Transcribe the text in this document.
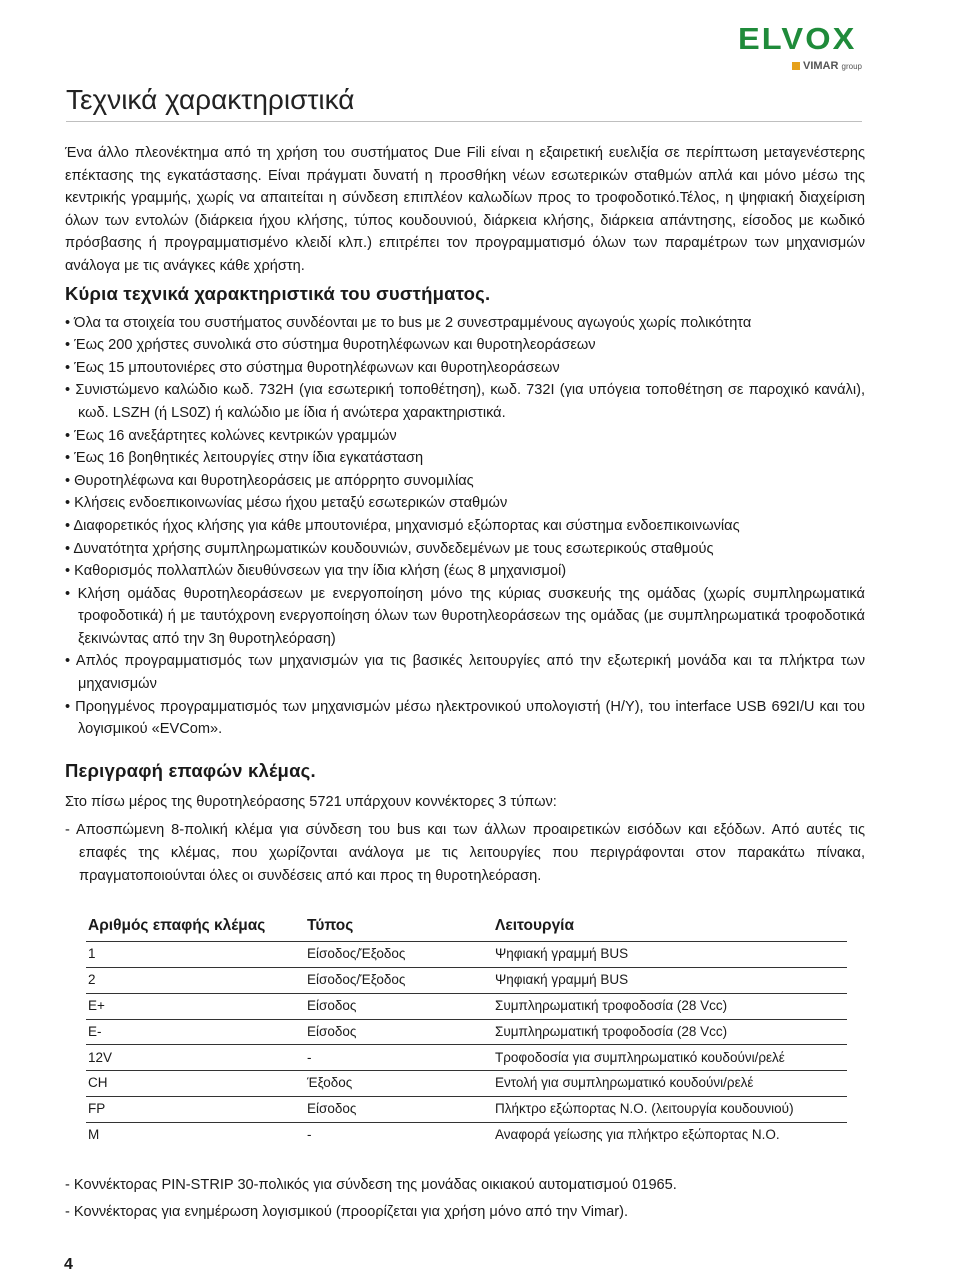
ELVOX
VIMAR group
Τεχνικά χαρακτηριστικά

Ένα άλλο πλεονέκτημα από τη χρήση του συστήματος Due Fili είναι η εξαιρετική ευελιξία σε περίπτωση μεταγενέστερης επέκτασης της εγκατάστασης. Είναι πράγματι δυνατή η προσθήκη νέων εσωτερικών σταθμών απλά και μόνο μέσω της κεντρικής γραμμής, χωρίς να απαιτείται η σύνδεση επιπλέον καλωδίων προς το τροφοδοτικό.Τέλος, η ψηφιακή διαχείριση όλων των εντολών (διάρκεια ήχου κλήσης, τύπος κουδουνιού, διάρκεια κλήσης, διάρκεια απάντησης, είσοδος με κωδικό πρόσβασης ή προγραμματισμένο κλειδί κλπ.) επιτρέπει τον προγραμματισμό όλων των παραμέτρων των μηχανισμών ανάλογα με τις ανάγκες κάθε χρήστη.

Κύρια τεχνικά χαρακτηριστικά του συστήματος.
• Όλα τα στοιχεία του συστήματος συνδέονται με το bus με 2 συνεστραμμένους αγωγούς χωρίς πολικότητα
• Έως 200 χρήστες συνολικά στο σύστημα θυροτηλέφωνων και θυροτηλεοράσεων
• Έως 15 μπουτονιέρες στο σύστημα θυροτηλέφωνων και θυροτηλεοράσεων
• Συνιστώμενο καλώδιο κωδ. 732Η (για εσωτερική τοποθέτηση), κωδ. 732I (για υπόγεια τοποθέτηση σε παροχικό κανάλι), κωδ. LSZH (ή LS0Z) ή καλώδιο με ίδια ή ανώτερα χαρακτηριστικά.
• Έως 16 ανεξάρτητες κολώνες κεντρικών γραμμών
• Έως 16 βοηθητικές λειτουργίες στην ίδια εγκατάσταση
• Θυροτηλέφωνα και θυροτηλεοράσεις με απόρρητο συνομιλίας
• Κλήσεις ενδοεπικοινωνίας μέσω ήχου μεταξύ εσωτερικών σταθμών
• Διαφορετικός ήχος κλήσης για κάθε μπουτονιέρα, μηχανισμό εξώπορτας και σύστημα ενδοεπικοινωνίας
• Δυνατότητα χρήσης συμπληρωματικών κουδουνιών, συνδεδεμένων με τους εσωτερικούς σταθμούς
• Καθορισμός πολλαπλών διευθύνσεων για την ίδια κλήση (έως 8 μηχανισμοί)
• Κλήση ομάδας θυροτηλεοράσεων με ενεργοποίηση μόνο της κύριας συσκευής της ομάδας (χωρίς συμπληρωματικά τροφοδοτικά) ή με ταυτόχρονη ενεργοποίηση όλων των θυροτηλεοράσεων της ομάδας (με συμπληρωματικά τροφοδοτικά ξεκινώντας από την 3η θυροτηλεόραση)
• Απλός προγραμματισμός των μηχανισμών για τις βασικές λειτουργίες από την εξωτερική μονάδα και τα πλήκτρα των μηχανισμών
• Προηγμένος προγραμματισμός των μηχανισμών μέσω ηλεκτρονικού υπολογιστή (Η/Υ), του interface USB 692I/U και του λογισμικού «EVCom».
Περιγραφή επαφών κλέμας.

Στο πίσω μέρος της θυροτηλεόρασης 5721 υπάρχουν κοννέκτορες 3 τύπων:

- Αποσπώμενη 8-πολική κλέμα για σύνδεση του bus και των άλλων προαιρετικών εισόδων και εξόδων. Από αυτές τις επαφές της κλέμας, που χωρίζονται ανάλογα με τις λειτουργίες που περιγράφονται στον παρακάτω πίνακα, πραγματοποιούνται όλες οι συνδέσεις από και προς τη θυροτηλεόραση.

Αριθμός επαφής κλέμας	Τύπος	Λειτουργία
1	Είσοδος/Έξοδος	Ψηφιακή γραμμή BUS
2	Είσοδος/Έξοδος	Ψηφιακή γραμμή BUS
E+	Είσοδος	Συμπληρωματική τροφοδοσία (28 Vcc)
E-	Είσοδος	Συμπληρωματική τροφοδοσία (28 Vcc)
12V	-	Τροφοδοσία για συμπληρωματικό κουδούνι/ρελέ
CH	Έξοδος	Εντολή για συμπληρωματικό κουδούνι/ρελέ
FP	Είσοδος	Πλήκτρο εξώπορτας Ν.Ο. (λειτουργία κουδουνιού)
M	-	Αναφορά γείωσης για πλήκτρο εξώπορτας N.O.

- Κοννέκτορας PIN-STRIP 30-πολικός για σύνδεση της μονάδας οικιακού αυτοματισμού 01965.

- Κοννέκτορας για ενημέρωση λογισμικού (προορίζεται για χρήση μόνο από την Vimar).

4
